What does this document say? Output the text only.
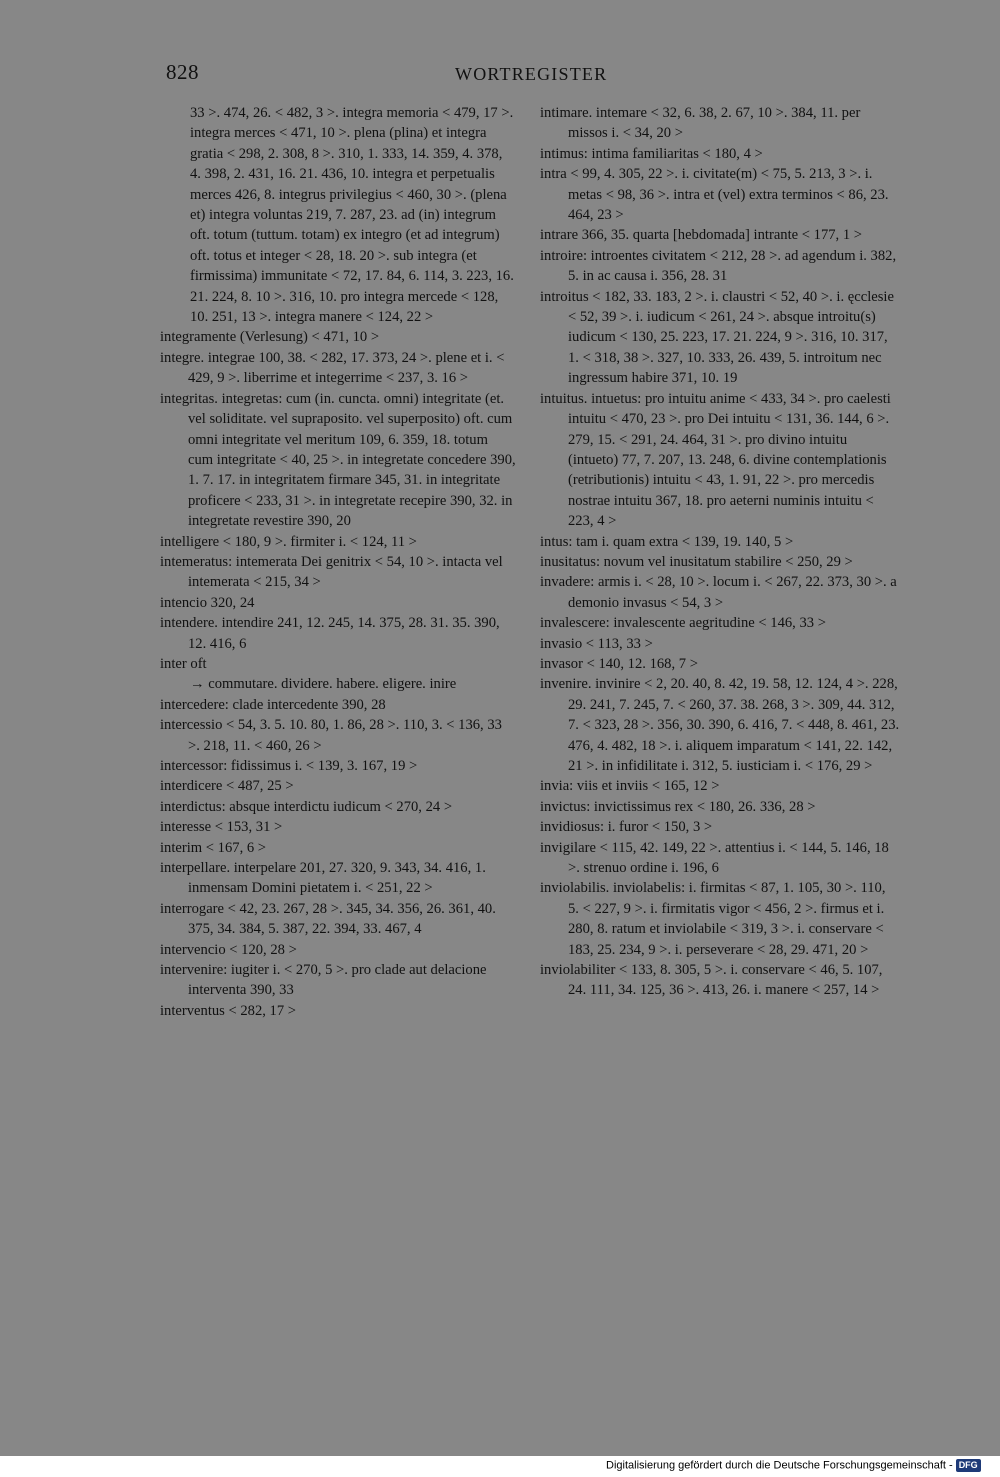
828	WORTREGISTER

33 >. 474, 26. < 482, 3 >. integra memoria < 479, 17 >. integra merces < 471, 10 >. plena (plina) et integra gratia < 298, 2. 308, 8 >. 310, 1. 333, 14. 359, 4. 378, 4. 398, 2. 431, 16. 21. 436, 10. integra et perpetualis merces 426, 8. integrus privilegius < 460, 30 >. (plena et) integra voluntas 219, 7. 287, 23. ad (in) integrum oft. totum (tuttum. totam) ex integro (et ad integrum) oft. totus et integer < 28, 18. 20 >. sub integra (et firmissima) immunitate < 72, 17. 84, 6. 114, 3. 223, 16. 21. 224, 8. 10 >. 316, 10. pro integra mercede < 128, 10. 251, 13 >. integra manere < 124, 22 >

integramente (Verlesung) < 471, 10 >

integre. integrae 100, 38. < 282, 17. 373, 24 >. plene et i. < 429, 9 >. liberrime et integerrime < 237, 3. 16 >

integritas. integretas: cum (in. cuncta. omni) integritate (et. vel soliditate. vel supraposito. vel superposito) oft. cum omni integritate vel meritum 109, 6. 359, 18. totum cum integritate < 40, 25 >. in integretate concedere 390, 1. 7. 17. in integritatem firmare 345, 31. in integritate proficere < 233, 31 >. in integretate recepire 390, 32. in integretate revestire 390, 20

intelligere < 180, 9 >. firmiter i. < 124, 11 >

intemeratus: intemerata Dei genitrix < 54, 10 >. intacta vel intemerata < 215, 34 >

intencio 320, 24

intendere. intendire 241, 12. 245, 14. 375, 28. 31. 35. 390, 12. 416, 6

inter oft

→ commutare. dividere. habere. eligere. inire

intercedere: clade intercedente 390, 28

intercessio < 54, 3. 5. 10. 80, 1. 86, 28 >. 110, 3. < 136, 33 >. 218, 11. < 460, 26 >

intercessor: fidissimus i. < 139, 3. 167, 19 >

interdicere < 487, 25 >

interdictus: absque interdictu iudicum < 270, 24 >

interesse < 153, 31 >

interim < 167, 6 >

interpellare. interpelare 201, 27. 320, 9. 343, 34. 416, 1. inmensam Domini pietatem i. < 251, 22 >

interrogare < 42, 23. 267, 28 >. 345, 34. 356, 26. 361, 40. 375, 34. 384, 5. 387, 22. 394, 33. 467, 4

intervencio < 120, 28 >

intervenire: iugiter i. < 270, 5 >. pro clade aut delacione interventa 390, 33

interventus < 282, 17 >

intimare. intemare < 32, 6. 38, 2. 67, 10 >. 384, 11. per missos i. < 34, 20 >

intimus: intima familiaritas < 180, 4 >

intra < 99, 4. 305, 22 >. i. civitate(m) < 75, 5. 213, 3 >. i. metas < 98, 36 >. intra et (vel) extra terminos < 86, 23. 464, 23 >

intrare 366, 35. quarta [hebdomada] intrante < 177, 1 >

introire: introentes civitatem < 212, 28 >. ad agendum i. 382, 5. in ac causa i. 356, 28. 31

introitus < 182, 33. 183, 2 >. i. claustri < 52, 40 >. i. ęcclesie < 52, 39 >. i. iudicum < 261, 24 >. absque introitu(s) iudicum < 130, 25. 223, 17. 21. 224, 9 >. 316, 10. 317, 1. < 318, 38 >. 327, 10. 333, 26. 439, 5. introitum nec ingressum habire 371, 10. 19

intuitus. intuetus: pro intuitu anime < 433, 34 >. pro caelesti intuitu < 470, 23 >. pro Dei intuitu < 131, 36. 144, 6 >. 279, 15. < 291, 24. 464, 31 >. pro divino intuitu (intueto) 77, 7. 207, 13. 248, 6. divine contemplationis (retributionis) intuitu < 43, 1. 91, 22 >. pro mercedis nostrae intuitu 367, 18. pro aeterni numinis intuitu < 223, 4 >

intus: tam i. quam extra < 139, 19. 140, 5 >

inusitatus: novum vel inusitatum stabilire < 250, 29 >

invadere: armis i. < 28, 10 >. locum i. < 267, 22. 373, 30 >. a demonio invasus < 54, 3 >

invalescere: invalescente aegritudine < 146, 33 >

invasio < 113, 33 >

invasor < 140, 12. 168, 7 >

invenire. invinire < 2, 20. 40, 8. 42, 19. 58, 12. 124, 4 >. 228, 29. 241, 7. 245, 7. < 260, 37. 38. 268, 3 >. 309, 44. 312, 7. < 323, 28 >. 356, 30. 390, 6. 416, 7. < 448, 8. 461, 23. 476, 4. 482, 18 >. i. aliquem imparatum < 141, 22. 142, 21 >. in infidilitate i. 312, 5. iusticiam i. < 176, 29 >

invia: viis et inviis < 165, 12 >

invictus: invictissimus rex < 180, 26. 336, 28 >

invidiosus: i. furor < 150, 3 >

invigilare < 115, 42. 149, 22 >. attentius i. < 144, 5. 146, 18 >. strenuo ordine i. 196, 6

inviolabilis. inviolabelis: i. firmitas < 87, 1. 105, 30 >. 110, 5. < 227, 9 >. i. firmitatis vigor < 456, 2 >. firmus et i. 280, 8. ratum et inviolabile < 319, 3 >. i. conservare < 183, 25. 234, 9 >. i. perseverare < 28, 29. 471, 20 >

inviolabiliter < 133, 8. 305, 5 >. i. conservare < 46, 5. 107, 24. 111, 34. 125, 36 >. 413, 26. i. manere < 257, 14 >

Digitalisierung gefördert durch die Deutsche Forschungsgemeinschaft - DFG
